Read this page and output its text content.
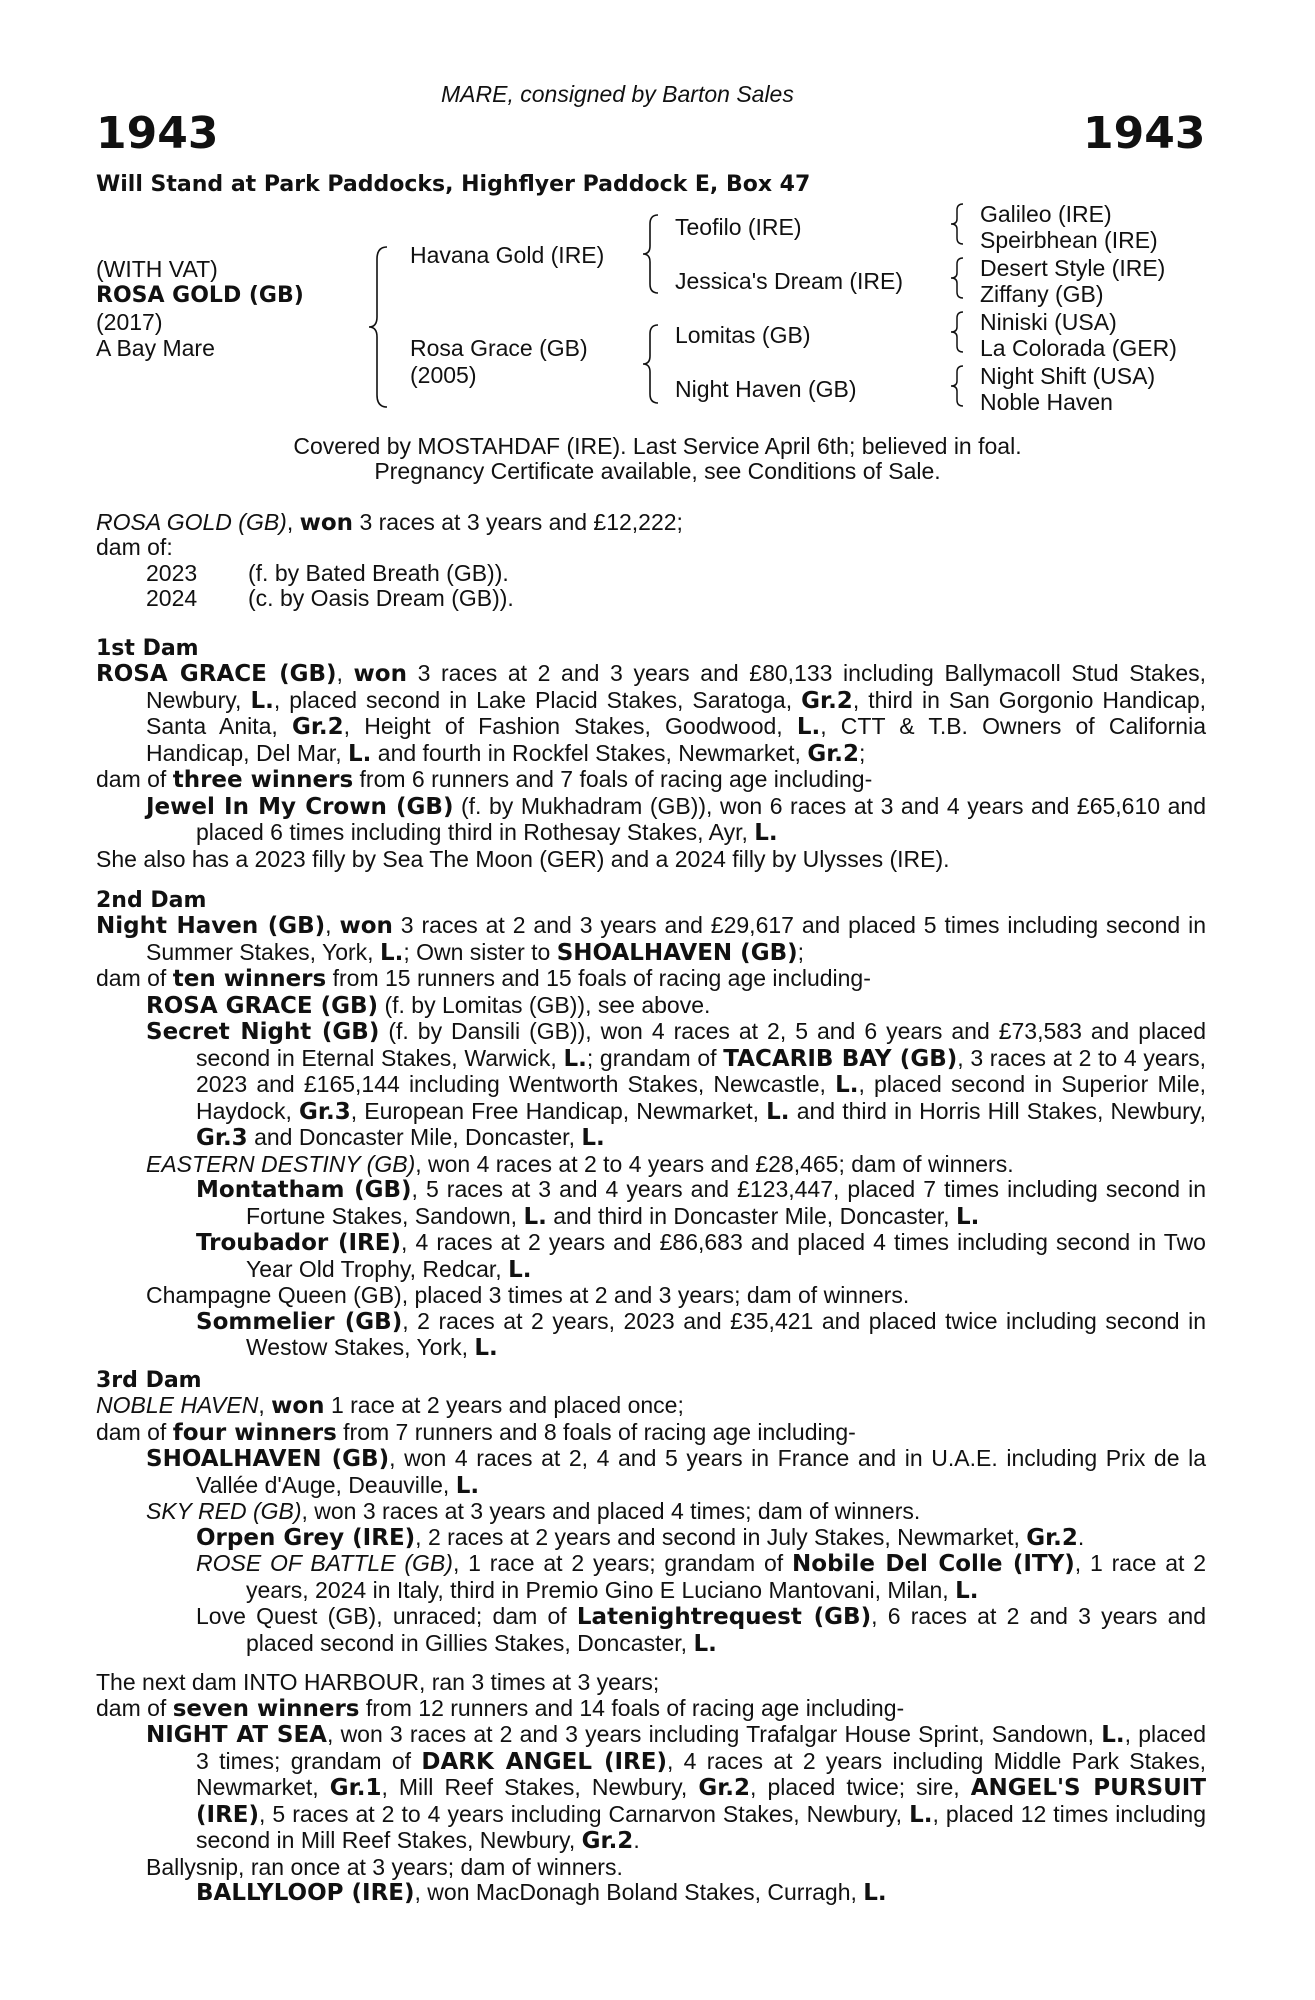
MARE, consigned by Barton Sales
1943	1943
Will Stand at Park Paddocks, Highflyer Paddock E, Box 47
(WITH VAT)
ROSA GOLD (GB)
(2017)
A Bay Mare
Havana Gold (IRE)
Rosa Grace (GB)
(2005)
Teofilo (IRE)
Jessica's Dream (IRE)
Lomitas (GB)
Night Haven (GB)
Galileo (IRE)
Speirbhean (IRE)
Desert Style (IRE)
Ziffany (GB)
Niniski (USA)
La Colorada (GER)
Night Shift (USA)
Noble Haven
Covered by MOSTAHDAF (IRE). Last Service April 6th; believed in foal.
Pregnancy Certificate available, see Conditions of Sale.
ROSA GOLD (GB), won 3 races at 3 years and £12,222;
dam of:
2023 (f. by Bated Breath (GB)).
2024 (c. by Oasis Dream (GB)).
1st Dam
ROSA GRACE (GB), won 3 races at 2 and 3 years and £80,133 including Ballymacoll Stud Stakes, Newbury, L., placed second in Lake Placid Stakes, Saratoga, Gr.2, third in San Gorgonio Handicap, Santa Anita, Gr.2, Height of Fashion Stakes, Goodwood, L., CTT & T.B. Owners of California Handicap, Del Mar, L. and fourth in Rockfel Stakes, Newmarket, Gr.2;
dam of three winners from 6 runners and 7 foals of racing age including-
Jewel In My Crown (GB) (f. by Mukhadram (GB)), won 6 races at 3 and 4 years and £65,610 and placed 6 times including third in Rothesay Stakes, Ayr, L.
She also has a 2023 filly by Sea The Moon (GER) and a 2024 filly by Ulysses (IRE).
2nd Dam
Night Haven (GB), won 3 races at 2 and 3 years and £29,617 and placed 5 times including second in Summer Stakes, York, L.; Own sister to SHOALHAVEN (GB);
dam of ten winners from 15 runners and 15 foals of racing age including-
ROSA GRACE (GB) (f. by Lomitas (GB)), see above.
Secret Night (GB) (f. by Dansili (GB)), won 4 races at 2, 5 and 6 years and £73,583 and placed second in Eternal Stakes, Warwick, L.; grandam of TACARIB BAY (GB), 3 races at 2 to 4 years, 2023 and £165,144 including Wentworth Stakes, Newcastle, L., placed second in Superior Mile, Haydock, Gr.3, European Free Handicap, Newmarket, L. and third in Horris Hill Stakes, Newbury, Gr.3 and Doncaster Mile, Doncaster, L.
EASTERN DESTINY (GB), won 4 races at 2 to 4 years and £28,465; dam of winners.
Montatham (GB), 5 races at 3 and 4 years and £123,447, placed 7 times including second in Fortune Stakes, Sandown, L. and third in Doncaster Mile, Doncaster, L.
Troubador (IRE), 4 races at 2 years and £86,683 and placed 4 times including second in Two Year Old Trophy, Redcar, L.
Champagne Queen (GB), placed 3 times at 2 and 3 years; dam of winners.
Sommelier (GB), 2 races at 2 years, 2023 and £35,421 and placed twice including second in Westow Stakes, York, L.
3rd Dam
NOBLE HAVEN, won 1 race at 2 years and placed once;
dam of four winners from 7 runners and 8 foals of racing age including-
SHOALHAVEN (GB), won 4 races at 2, 4 and 5 years in France and in U.A.E. including Prix de la Vallée d'Auge, Deauville, L.
SKY RED (GB), won 3 races at 3 years and placed 4 times; dam of winners.
Orpen Grey (IRE), 2 races at 2 years and second in July Stakes, Newmarket, Gr.2.
ROSE OF BATTLE (GB), 1 race at 2 years; grandam of Nobile Del Colle (ITY), 1 race at 2 years, 2024 in Italy, third in Premio Gino E Luciano Mantovani, Milan, L.
Love Quest (GB), unraced; dam of Latenightrequest (GB), 6 races at 2 and 3 years and placed second in Gillies Stakes, Doncaster, L.
The next dam INTO HARBOUR, ran 3 times at 3 years;
dam of seven winners from 12 runners and 14 foals of racing age including-
NIGHT AT SEA, won 3 races at 2 and 3 years including Trafalgar House Sprint, Sandown, L., placed 3 times; grandam of DARK ANGEL (IRE), 4 races at 2 years including Middle Park Stakes, Newmarket, Gr.1, Mill Reef Stakes, Newbury, Gr.2, placed twice; sire, ANGEL'S PURSUIT (IRE), 5 races at 2 to 4 years including Carnarvon Stakes, Newbury, L., placed 12 times including second in Mill Reef Stakes, Newbury, Gr.2.
Ballysnip, ran once at 3 years; dam of winners.
BALLYLOOP (IRE), won MacDonagh Boland Stakes, Curragh, L.
